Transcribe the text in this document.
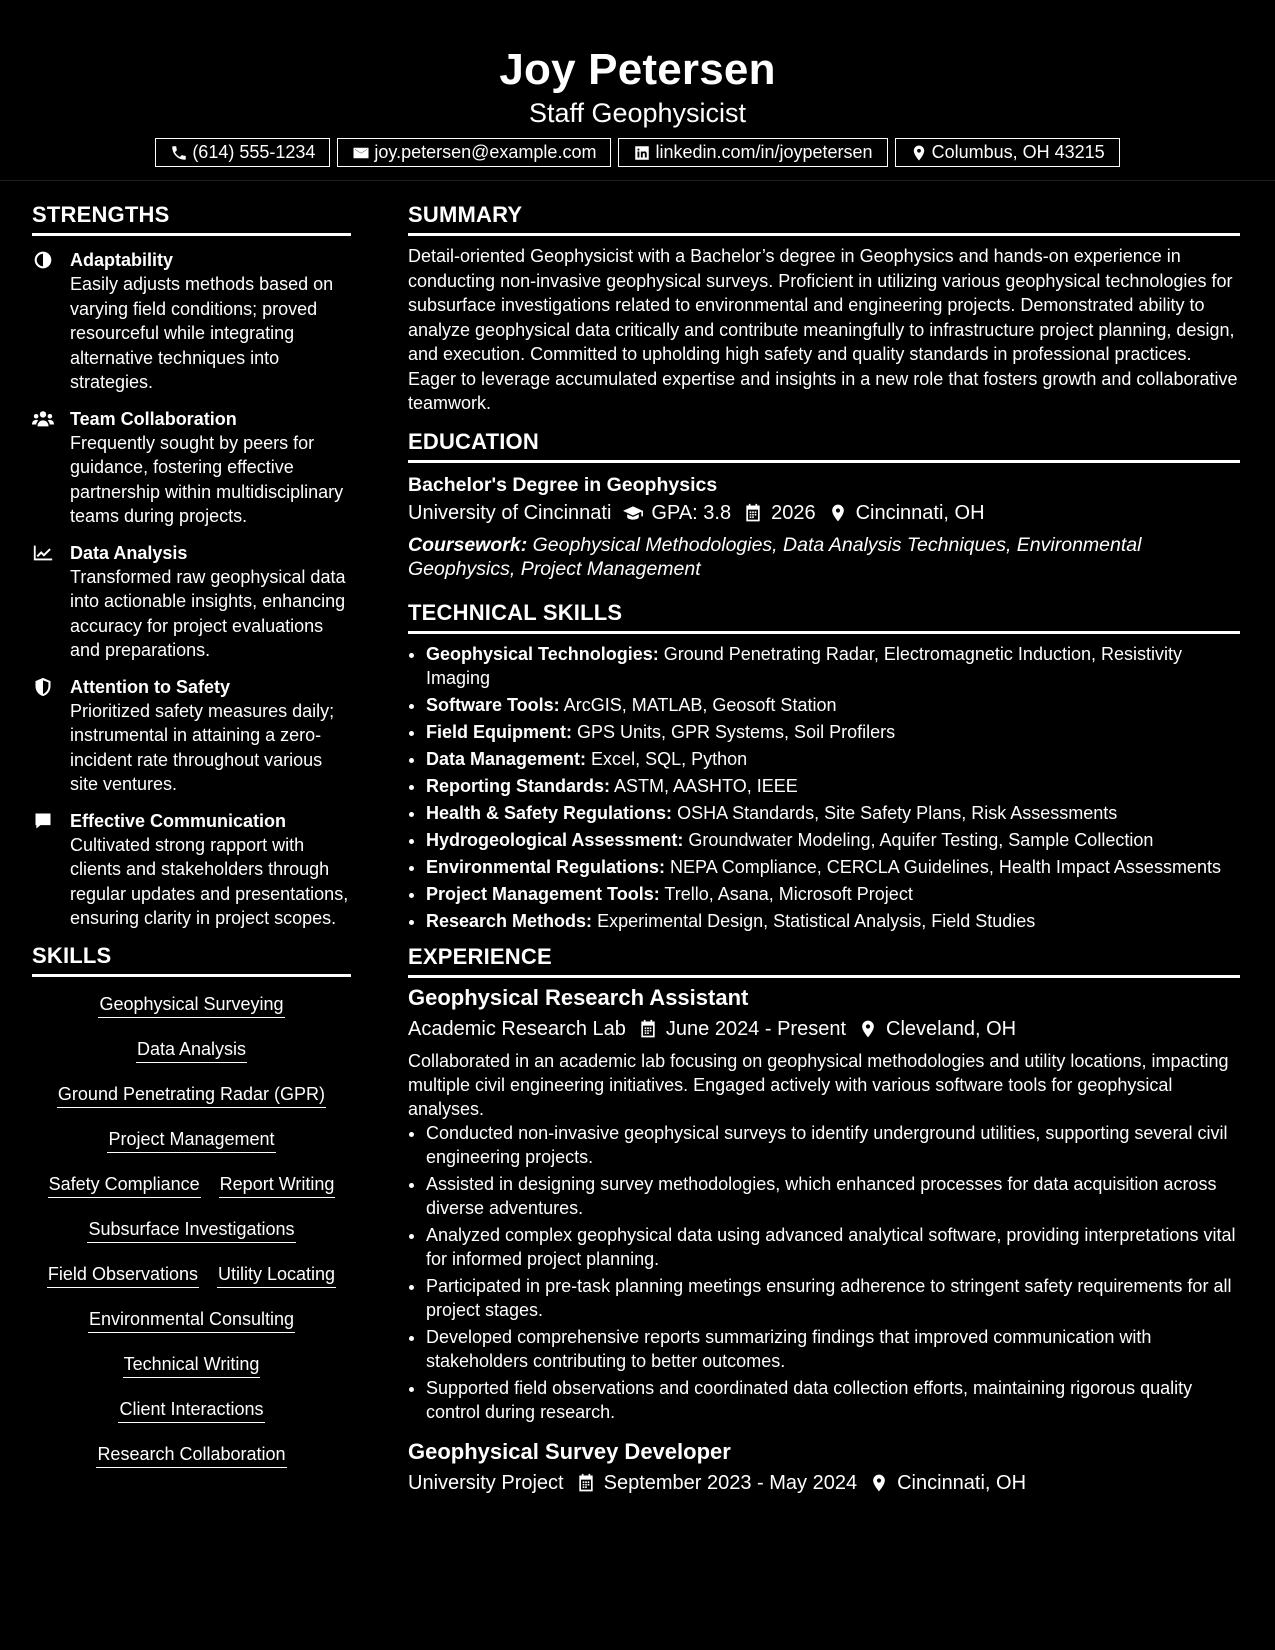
Joy Petersen
Staff Geophysicist
(614) 555-1234	joy.petersen@example.com	linkedin.com/in/joypetersen	Columbus, OH 43215
STRENGTHS
Adaptability
Easily adjusts methods based on varying field conditions; proved resourceful while integrating alternative techniques into strategies.
Team Collaboration
Frequently sought by peers for guidance, fostering effective partnership within multidisciplinary teams during projects.
Data Analysis
Transformed raw geophysical data into actionable insights, enhancing accuracy for project evaluations and preparations.
Attention to Safety
Prioritized safety measures daily; instrumental in attaining a zero-incident rate throughout various site ventures.
Effective Communication
Cultivated strong rapport with clients and stakeholders through regular updates and presentations, ensuring clarity in project scopes.
SKILLS
Geophysical Surveying
Data Analysis
Ground Penetrating Radar (GPR)
Project Management
Safety Compliance Report Writing
Subsurface Investigations
Field Observations Utility Locating
Environmental Consulting
Technical Writing
Client Interactions
Research Collaboration
SUMMARY
Detail-oriented Geophysicist with a Bachelor’s degree in Geophysics and hands-on experience in conducting non-invasive geophysical surveys. Proficient in utilizing various geophysical technologies for subsurface investigations related to environmental and engineering projects. Demonstrated ability to analyze geophysical data critically and contribute meaningfully to infrastructure project planning, design, and execution. Committed to upholding high safety and quality standards in professional practices. Eager to leverage accumulated expertise and insights in a new role that fosters growth and collaborative teamwork.
EDUCATION
Bachelor's Degree in Geophysics
University of Cincinnati GPA: 3.8 2026 Cincinnati, OH
Coursework: Geophysical Methodologies, Data Analysis Techniques, Environmental Geophysics, Project Management
TECHNICAL SKILLS
• Geophysical Technologies: Ground Penetrating Radar, Electromagnetic Induction, Resistivity Imaging
• Software Tools: ArcGIS, MATLAB, Geosoft Station
• Field Equipment: GPS Units, GPR Systems, Soil Profilers
• Data Management: Excel, SQL, Python
• Reporting Standards: ASTM, AASHTO, IEEE
• Health & Safety Regulations: OSHA Standards, Site Safety Plans, Risk Assessments
• Hydrogeological Assessment: Groundwater Modeling, Aquifer Testing, Sample Collection
• Environmental Regulations: NEPA Compliance, CERCLA Guidelines, Health Impact Assessments
• Project Management Tools: Trello, Asana, Microsoft Project
• Research Methods: Experimental Design, Statistical Analysis, Field Studies
EXPERIENCE
Geophysical Research Assistant
Academic Research Lab June 2024 - Present Cleveland, OH
Collaborated in an academic lab focusing on geophysical methodologies and utility locations, impacting multiple civil engineering initiatives. Engaged actively with various software tools for geophysical analyses.
• Conducted non-invasive geophysical surveys to identify underground utilities, supporting several civil engineering projects.
• Assisted in designing survey methodologies, which enhanced processes for data acquisition across diverse adventures.
• Analyzed complex geophysical data using advanced analytical software, providing interpretations vital for informed project planning.
• Participated in pre-task planning meetings ensuring adherence to stringent safety requirements for all project stages.
• Developed comprehensive reports summarizing findings that improved communication with stakeholders contributing to better outcomes.
• Supported field observations and coordinated data collection efforts, maintaining rigorous quality control during research.
Geophysical Survey Developer
University Project September 2023 - May 2024 Cincinnati, OH
